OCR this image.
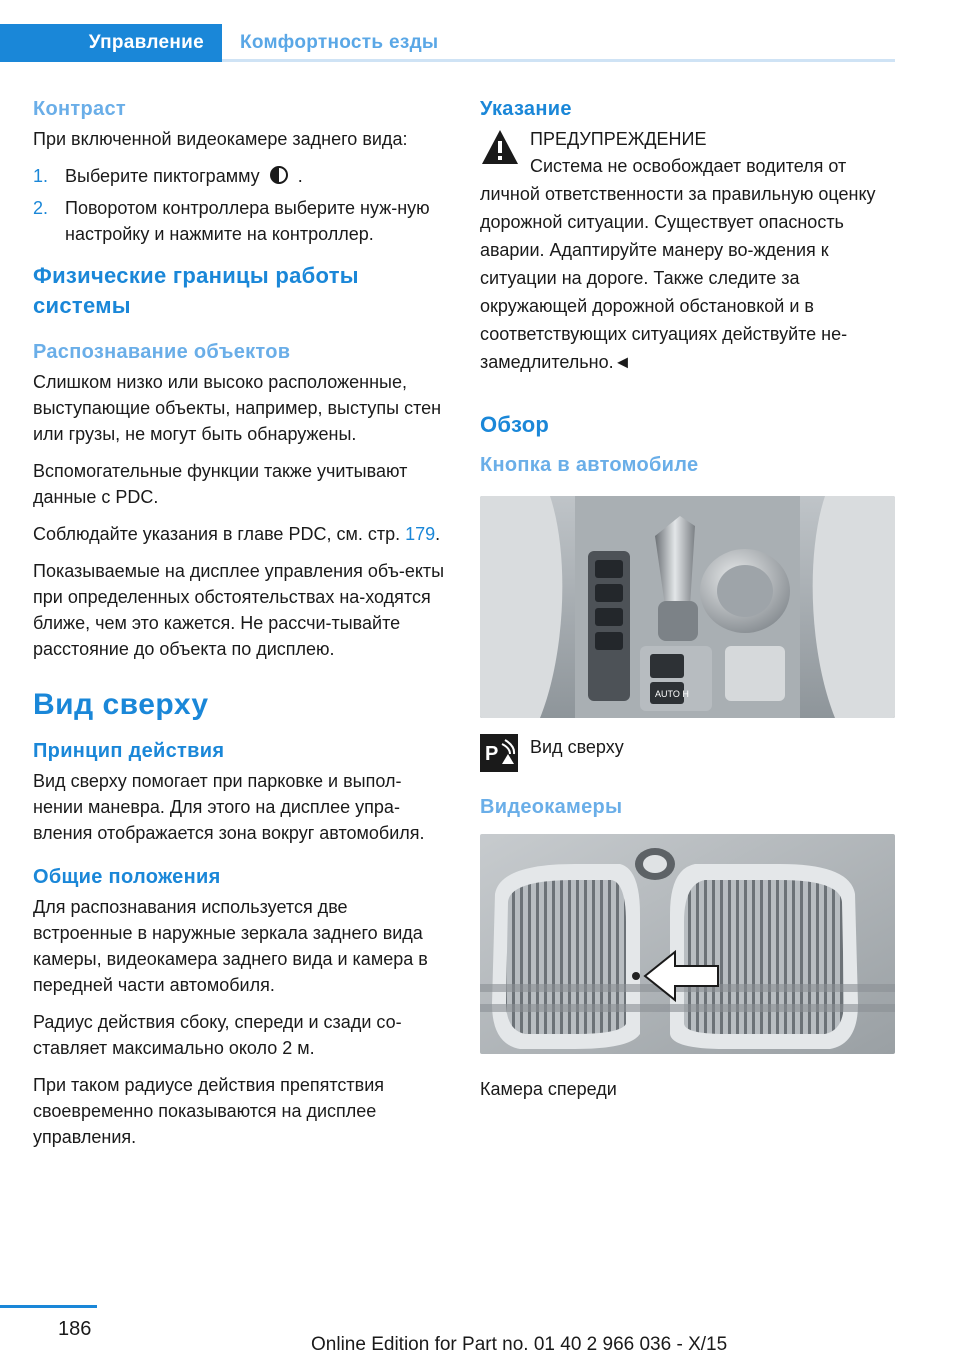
Управление Комфортность езды
Контраст

При включенной видеокамере заднего вида:

1. Выберите пиктограмму .
2. Поворотом контроллера выберите нуж‐ную настройку и нажмите на контроллер.
Физические границы работы системы
Распознавание объектов

Слишком низко или высоко расположенные, выступающие объекты, например, выступы стен или грузы, не могут быть обнаружены.

Вспомогательные функции также учитывают данные с PDC.

Соблюдайте указания в главе PDC, см. стр. 179.

Показываемые на дисплее управления объ‐екты при определенных обстоятельствах на‐ходятся ближе, чем это кажется. Не рассчи‐тывайте расстояние до объекта по дисплею.

Вид сверху
Принцип действия

Вид сверху помогает при парковке и выпол‐нении маневра. Для этого на дисплее упра‐вления отображается зона вокруг автомобиля.

Общие положения

Для распознавания используется две встроенные в наружные зеркала заднего вида камеры, видеокамера заднего вида и камера в передней части автомобиля.

Радиус действия сбоку, спереди и сзади со‐ставляет максимально около 2 м.

При таком радиусе действия препятствия своевременно показываются на дисплее управления.

Указание

ПРЕДУПРЕЖДЕНИЕ

Система не освобождает водителя от личной ответственности за правильную оценку дорожной ситуации. Существует опасность аварии. Адаптируйте манеру во‐ждения к ситуации на дороге. Также следите за окружающей дорожной обстановкой и в соответствующих ситуациях действуйте не‐замедлительно.◄

Обзор
Кнопка в автомобиле
AUTO H
P Вид сверху
Видеокамеры

Камера спереди

186
Online Edition for Part no. 01 40 2 966 036 - X/15
